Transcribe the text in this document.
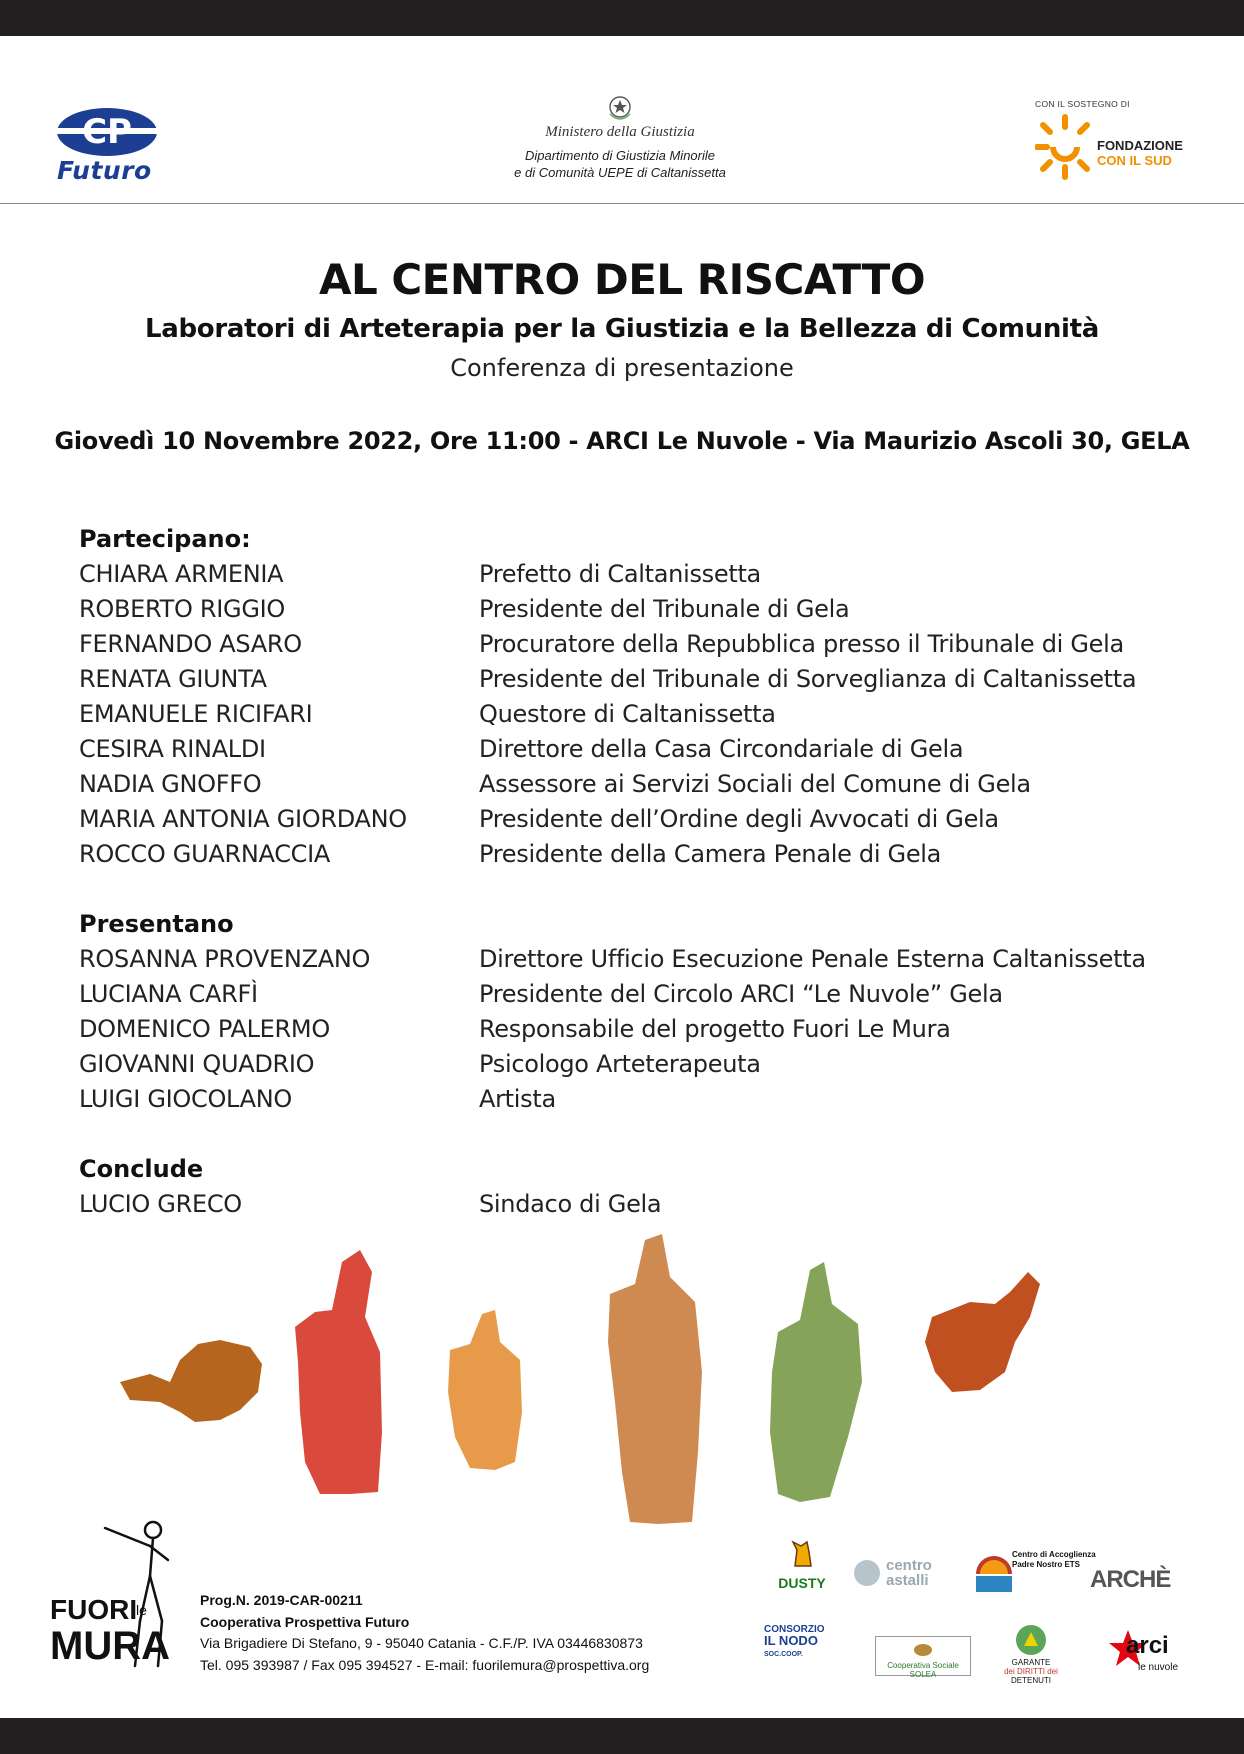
CP
Futuro
Ministero della Giustizia
Dipartimento di Giustizia Minorile
e di Comunità UEPE di Caltanissetta
CON IL SOSTEGNO DI
FONDAZIONE
CON IL SUD
AL CENTRO DEL RISCATTO
Laboratori di Arteterapia per la Giustizia e la Bellezza di Comunità
Conferenza di presentazione
Giovedì 10 Novembre 2022, Ore 11:00 - ARCI Le Nuvole - Via Maurizio Ascoli 30, GELA
Partecipano:
CHIARA ARMENIA	Prefetto di Caltanissetta
ROBERTO RIGGIO	Presidente del Tribunale di Gela
FERNANDO ASARO	Procuratore della Repubblica presso il Tribunale di Gela
RENATA GIUNTA	Presidente del Tribunale di Sorveglianza di Caltanissetta
EMANUELE RICIFARI	Questore di Caltanissetta
CESIRA RINALDI	Direttore della Casa Circondariale di Gela
NADIA GNOFFO	Assessore ai Servizi Sociali del Comune di Gela
MARIA ANTONIA GIORDANO	Presidente dell’Ordine degli Avvocati di Gela
ROCCO GUARNACCIA	Presidente della Camera Penale di Gela
Presentano
ROSANNA PROVENZANO	Direttore Ufficio Esecuzione Penale Esterna Caltanissetta
LUCIANA CARFÌ	Presidente del Circolo ARCI “Le Nuvole” Gela
DOMENICO PALERMO	Responsabile del progetto Fuori Le Mura
GIOVANNI QUADRIO	Psicologo Arteterapeuta
LUIGI GIOCOLANO	Artista
Conclude
LUCIO GRECO	Sindaco di Gela
FUORI
le
MURA
Prog.N. 2019-CAR-00211
Cooperativa Prospettiva Futuro
Via Brigadiere Di Stefano, 9 - 95040 Catania - C.F./P. IVA 03446830873
Tel. 095 393987 / Fax 095 394527 - E-mail: fuorilemura@prospettiva.org
DUSTY
centro
astalli
Centro di Accoglienza
Padre Nostro ETS
ARCHÈ
CONSORZIO
IL NODO
SOC.COOP.
Cooperativa Sociale SOLEA

GARANTE
dei DIRITTI dei
DETENUTI
arci
le nuvole
